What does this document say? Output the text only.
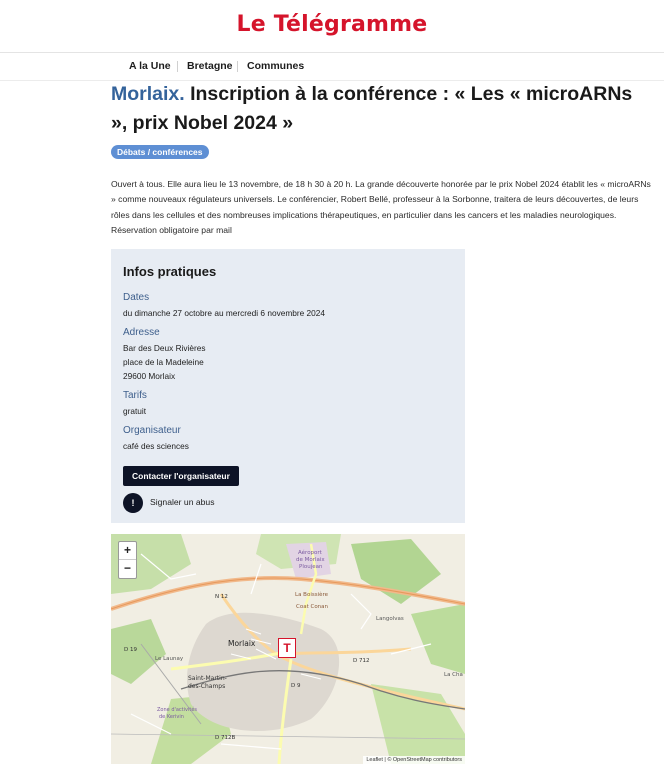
Le Télégramme
A la Une Bretagne Communes
Morlaix. Inscription à la conférence : « Les « microARNs », prix Nobel 2024 »
Débats / conférences
Ouvert à tous. Elle aura lieu le 13 novembre, de 18 h 30 à 20 h. La grande découverte honorée par le prix Nobel 2024 établit les « microARNs » comme nouveaux régulateurs universels. Le conférencier, Robert Bellé, professeur à la Sorbonne, traitera de leurs découvertes, de leurs rôles dans les cellules et des nombreuses implications thérapeutiques, en particulier dans les cancers et les maladies neurologiques. Réservation obligatoire par mail
Infos pratiques
Dates
du dimanche 27 octobre au mercredi 6 novembre 2024
Adresse
Bar des Deux Rivières
place de la Madeleine
29600 Morlaix
Tarifs
gratuit
Organisateur
café des sciences
Contacter l'organisateur
!	Signaler un abus
Aéroport
de Morlaix
Ploujean
La Boissière
Coat Conan
Langolvas
N 12
D 19
D 712
D 9
D 712B
Morlaix
Saint-Martin-
des-Champs
Le Launay
Zone d'activités
de Kerivin
La Cha
+
−
T
Leaflet | © OpenStreetMap contributors
